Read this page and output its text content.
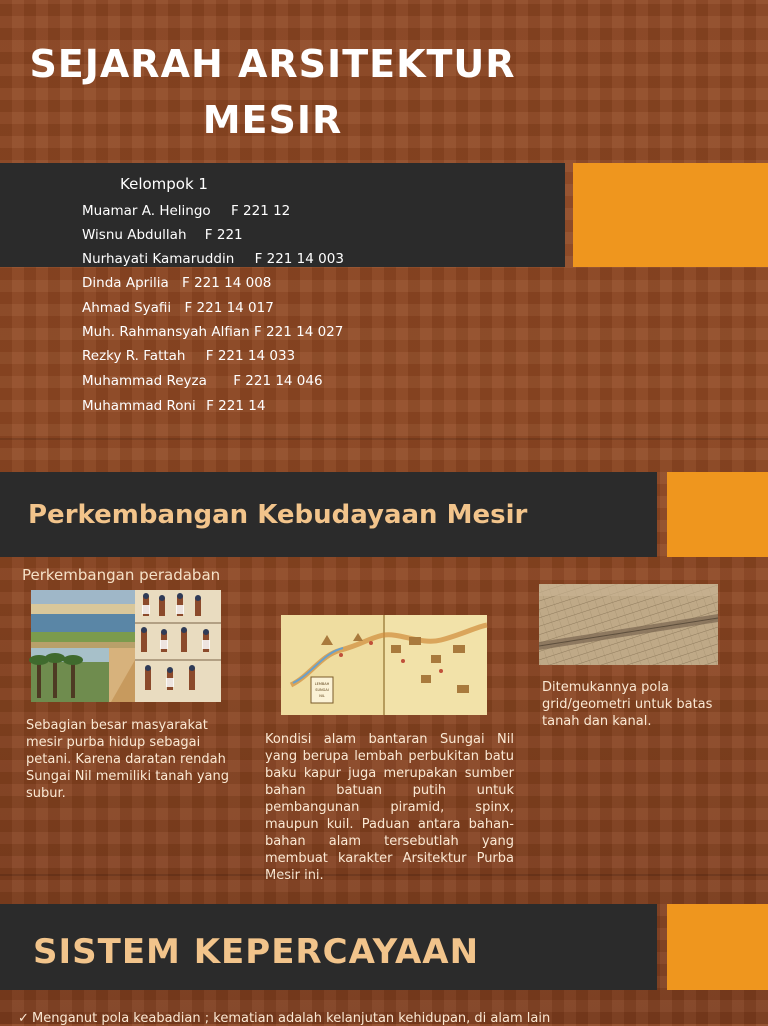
SEJARAH ARSITEKTUR
MESIR
Kelompok 1
Muamar A. Helingo F 221 12
Wisnu Abdullah F 221
Nurhayati Kamaruddin F 221 14 003
Dinda Aprilia F 221 14 008
Ahmad Syafii F 221 14 017
Muh. Rahmansyah Alfian F 221 14 027
Rezky R. Fattah F 221 14 033
Muhammad Reyza F 221 14 046
Muhammad Roni F 221 14
Perkembangan Kebudayaan Mesir
Perkembangan peradaban
LEMBAH
SUNGAI
NIL
Sebagian besar masyarakat mesir purba hidup sebagai petani. Karena daratan rendah Sungai Nil memiliki tanah yang subur.
Kondisi alam bantaran Sungai Nil yang berupa lembah perbukitan batu baku kapur juga merupakan sumber bahan batuan putih untuk pembangunan piramid, spinx, maupun kuil. Paduan antara bahan-bahan alam tersebutlah yang membuat karakter Arsitektur Purba Mesir ini.
Ditemukannya pola grid/geometri untuk batas tanah dan kanal.
SISTEM KEPERCAYAAN
✓ Menganut pola keabadian ; kematian adalah kelanjutan kehidupan, di alam lain
